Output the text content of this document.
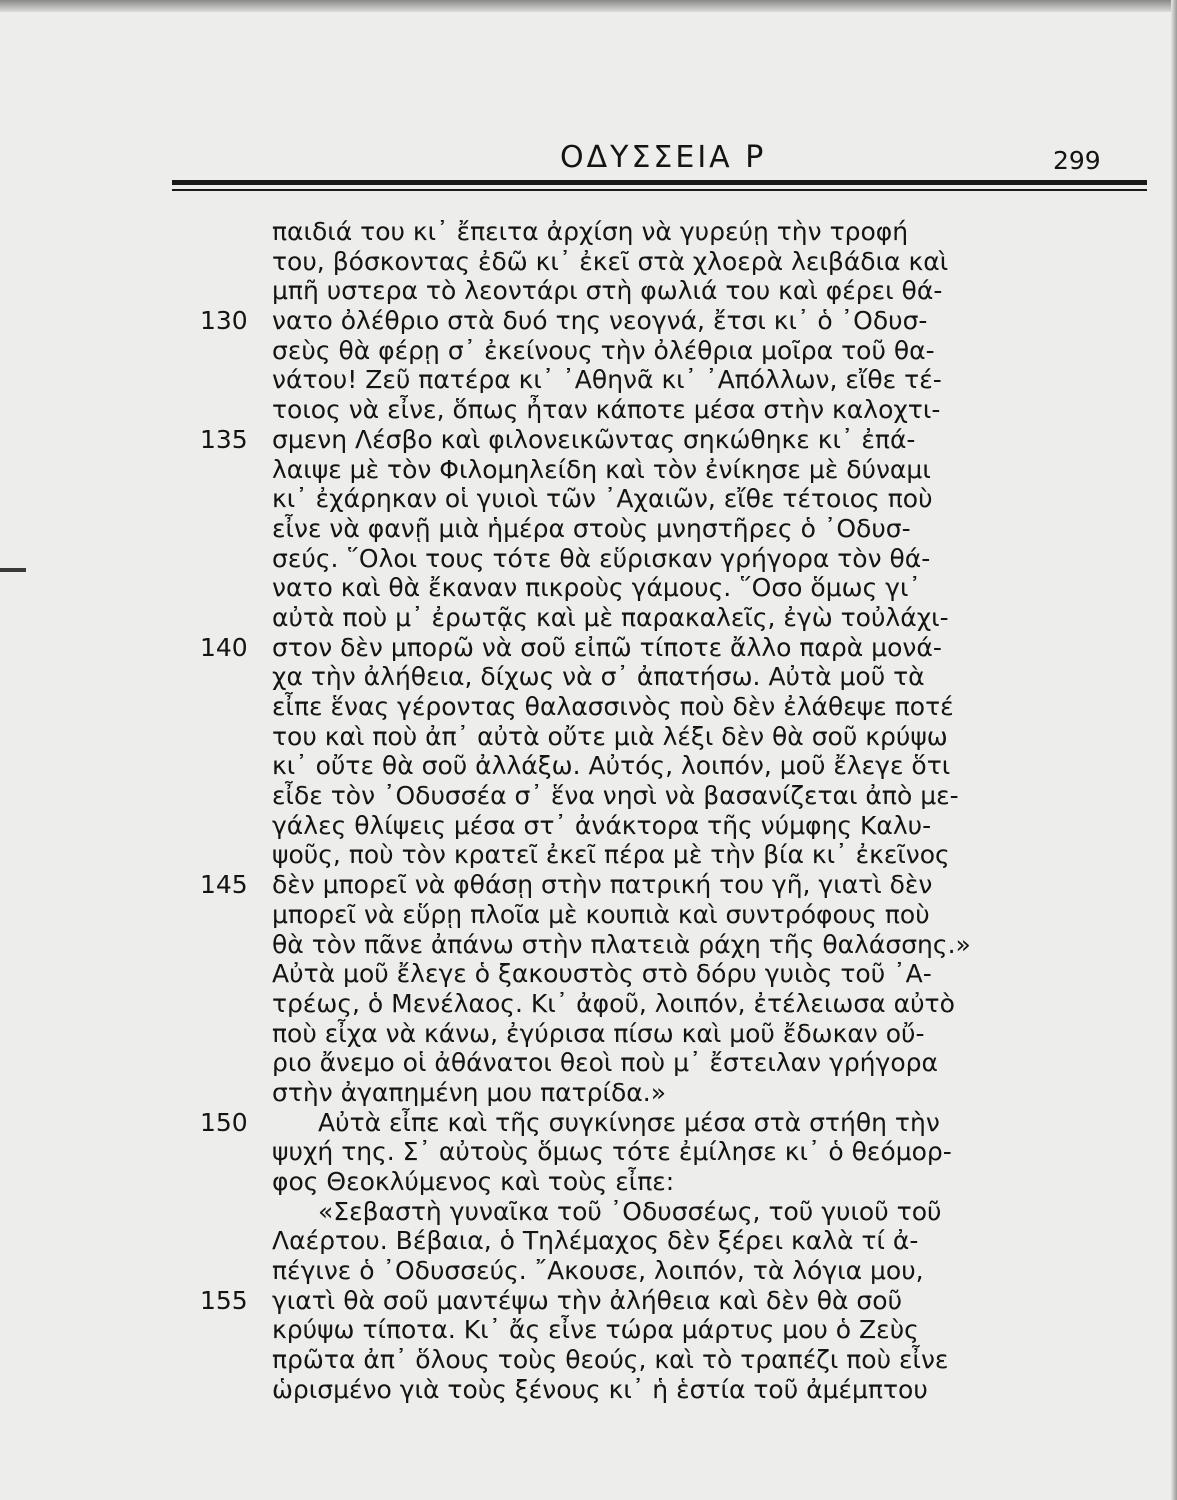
ΟΔΥΣΣΕΙΑ Ρ	299
παιδιά του κι᾽ ἔπειτα ἀρχίση νὰ γυρεύῃ τὴν τροφή
του, βόσκοντας ἐδῶ κι᾽ ἐκεῖ στὰ χλοερὰ λειβάδια καὶ
μπῆ υστερα τὸ λεοντάρι στὴ φωλιά του καὶ φέρει θά-
130 νατο ὀλέθριο στὰ δυό της νεογνά, ἔτσι κι᾽ ὁ ᾿Οδυσ-
σεὺς θὰ φέρῃ σ᾽ ἐκείνους τὴν ὀλέθρια μοῖρα τοῦ θα-
νάτου! Ζεῦ πατέρα κι᾽ ᾿Αθηνᾶ κι᾽ ᾿Απόλλων, εἴθε τέ-
τοιος νὰ εἶνε, ὅπως ἦταν κάποτε μέσα στὴν καλοχτι-
135 σμενη Λέσβο καὶ φιλονεικῶντας σηκώθηκε κι᾽ ἐπά-
λαιψε μὲ τὸν Φιλομηλείδη καὶ τὸν ἐνίκησε μὲ δύναμι
κι᾽ ἐχάρηκαν οἱ γυιοὶ τῶν ᾿Αχαιῶν, εἴθε τέτοιος ποὺ
εἶνε νὰ φανῇ μιὰ ἡμέρα στοὺς μνηστῆρες ὁ ᾿Οδυσ-
σεύς. ῞Ολοι τους τότε θὰ εὕρισκαν γρήγορα τὸν θά-
νατο καὶ θὰ ἔκαναν πικροὺς γάμους. ῞Οσο ὅμως γι᾽
αὐτὰ ποὺ μ᾽ ἐρωτᾷς καὶ μὲ παρακαλεῖς, ἐγὼ τοὐλάχι-
140 στον δὲν μπορῶ νὰ σοῦ εἰπῶ τίποτε ἄλλο παρὰ μονά-
χα τὴν ἀλήθεια, δίχως νὰ σ᾽ ἀπατήσω. Αὐτὰ μοῦ τὰ
εἶπε ἕνας γέροντας θαλασσινὸς ποὺ δὲν ἐλάθεψε ποτέ
του καὶ ποὺ ἀπ᾽ αὐτὰ οὔτε μιὰ λέξι δὲν θὰ σοῦ κρύψω
κι᾽ οὔτε θὰ σοῦ ἀλλάξω. Αὐτός, λοιπόν, μοῦ ἔλεγε ὅτι
εἶδε τὸν ᾿Οδυσσέα σ᾽ ἕνα νησὶ νὰ βασανίζεται ἀπὸ με-
γάλες θλίψεις μέσα στ᾽ ἀνάκτορα τῆς νύμφης Καλυ-
ψοῦς, ποὺ τὸν κρατεῖ ἐκεῖ πέρα μὲ τὴν βία κι᾽ ἐκεῖνος
145 δὲν μπορεῖ νὰ φθάσῃ στὴν πατρική του γῆ, γιατὶ δὲν
μπορεῖ νὰ εὕρῃ πλοῖα μὲ κουπιὰ καὶ συντρόφους ποὺ
θὰ τὸν πᾶνε ἀπάνω στὴν πλατειὰ ράχη τῆς θαλάσσης.»
Αὐτὰ μοῦ ἔλεγε ὁ ξακουστὸς στὸ δόρυ γυιὸς τοῦ ᾿Α-
τρέως, ὁ Μενέλαος. Κι᾽ ἀφοῦ, λοιπόν, ἐτέλειωσα αὐτὸ
ποὺ εἶχα νὰ κάνω, ἐγύρισα πίσω καὶ μοῦ ἔδωκαν οὔ-
ριο ἄνεμο οἱ ἀθάνατοι θεοὶ ποὺ μ᾽ ἔστειλαν γρήγορα
στὴν ἀγαπημένη μου πατρίδα.»
150	Αὐτὰ εἶπε καὶ τῆς συγκίνησε μέσα στὰ στήθη τὴν
ψυχή της. Σ᾽ αὐτοὺς ὅμως τότε ἐμίλησε κι᾽ ὁ θεόμορ-
φος Θεοκλύμενος καὶ τοὺς εἶπε:
«Σεβαστὴ γυναῖκα τοῦ ᾿Οδυσσέως, τοῦ γυιοῦ τοῦ
Λαέρτου. Βέβαια, ὁ Τηλέμαχος δὲν ξέρει καλὰ τί ἀ-
πέγινε ὁ ᾿Οδυσσεύς. ῎Ακουσε, λοιπόν, τὰ λόγια μου,
155 γιατὶ θὰ σοῦ μαντέψω τὴν ἀλήθεια καὶ δὲν θὰ σοῦ
κρύψω τίποτα. Κι᾽ ἄς εἶνε τώρα μάρτυς μου ὁ Ζεὺς
πρῶτα ἀπ᾽ ὅλους τοὺς θεούς, καὶ τὸ τραπέζι ποὺ εἶνε
ὡρισμένο γιὰ τοὺς ξένους κι᾽ ἡ ἑστία τοῦ ἀμέμπτου
